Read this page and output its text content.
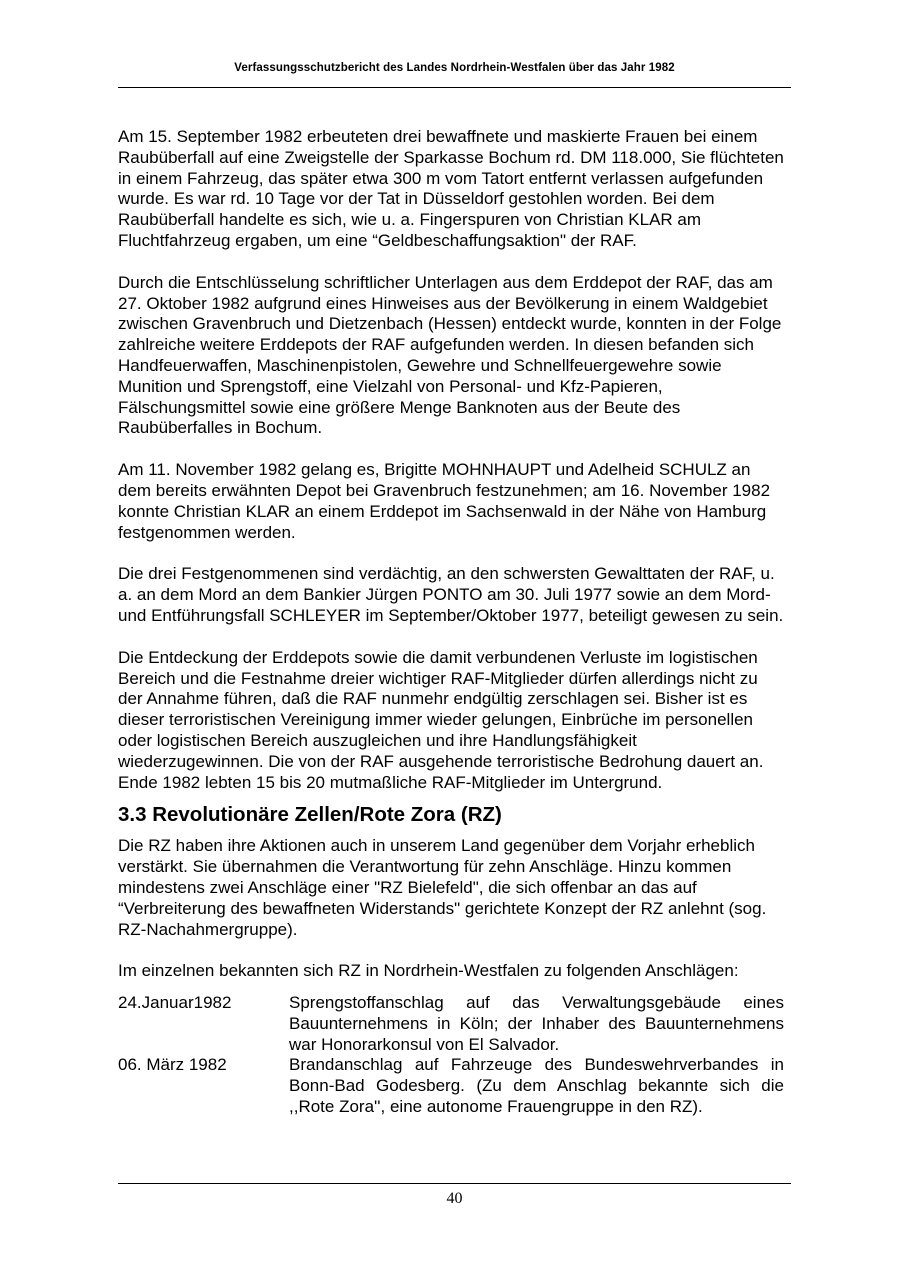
Verfassungsschutzbericht des Landes Nordrhein-Westfalen über das Jahr 1982

Am 15. September 1982 erbeuteten drei bewaffnete und maskierte Frauen bei einem Raubüberfall auf eine Zweigstelle der Sparkasse Bochum rd. DM 118.000, Sie flüchteten in einem Fahrzeug, das später etwa 300 m vom Tatort entfernt verlassen aufgefunden wurde. Es war rd. 10 Tage vor der Tat in Düsseldorf gestohlen worden. Bei dem Raubüberfall handelte es sich, wie u. a. Fingerspuren von Christian KLAR am Fluchtfahrzeug ergaben, um eine “Geldbeschaffungsaktion" der RAF.

Durch die Entschlüsselung schriftlicher Unterlagen aus dem Erddepot der RAF, das am 27. Oktober 1982 aufgrund eines Hinweises aus der Bevölkerung in einem Waldgebiet zwischen Gravenbruch und Dietzenbach (Hessen) entdeckt wurde, konnten in der Folge zahlreiche weitere Erddepots der RAF aufgefunden werden. In diesen befanden sich Handfeuerwaffen, Maschinenpistolen, Gewehre und Schnellfeuergewehre sowie Munition und Sprengstoff, eine Vielzahl von Personal- und Kfz-Papieren, Fälschungsmittel sowie eine größere Menge Banknoten aus der Beute des Raubüberfalles in Bochum.

Am 11. November 1982 gelang es, Brigitte MOHNHAUPT und Adelheid SCHULZ an dem bereits erwähnten Depot bei Gravenbruch festzunehmen; am 16. November 1982 konnte Christian KLAR an einem Erddepot im Sachsenwald in der Nähe von Hamburg festgenommen werden.

Die drei Festgenommenen sind verdächtig, an den schwersten Gewalttaten der RAF, u. a. an dem Mord an dem Bankier Jürgen PONTO am 30. Juli 1977 sowie an dem Mord- und Entführungsfall SCHLEYER im September/Oktober 1977, beteiligt gewesen zu sein.

Die Entdeckung der Erddepots sowie die damit verbundenen Verluste im logistischen Bereich und die Festnahme dreier wichtiger RAF-Mitglieder dürfen allerdings nicht zu der Annahme führen, daß die RAF nunmehr endgültig zerschlagen sei. Bisher ist es dieser terroristischen Vereinigung immer wieder gelungen, Einbrüche im personellen oder logistischen Bereich auszugleichen und ihre Handlungsfähigkeit wiederzugewinnen. Die von der RAF ausgehende terroristische Bedrohung dauert an. Ende 1982 lebten 15 bis 20 mutmaßliche RAF-Mitglieder im Untergrund.

3.3 Revolutionäre Zellen/Rote Zora (RZ)

Die RZ haben ihre Aktionen auch in unserem Land gegenüber dem Vorjahr erheblich verstärkt. Sie übernahmen die Verantwortung für zehn Anschläge. Hinzu kommen mindestens zwei Anschläge einer "RZ Bielefeld", die sich offenbar an das auf “Verbreiterung des bewaffneten Widerstands" gerichtete Konzept der RZ anlehnt (sog. RZ-Nachahmergruppe).

Im einzelnen bekannten sich RZ in Nordrhein-Westfalen zu folgenden Anschlägen:

24.Januar1982	Sprengstoffanschlag auf das Verwaltungsgebäude eines Bauunternehmens in Köln; der Inhaber des Bauunternehmens war Honorarkonsul von El Salvador.
06. März 1982	Brandanschlag auf Fahrzeuge des Bundeswehrverbandes in Bonn-Bad Godesberg. (Zu dem Anschlag bekannte sich die ,,Rote Zora'', eine autonome Frauengruppe in den RZ).
40
